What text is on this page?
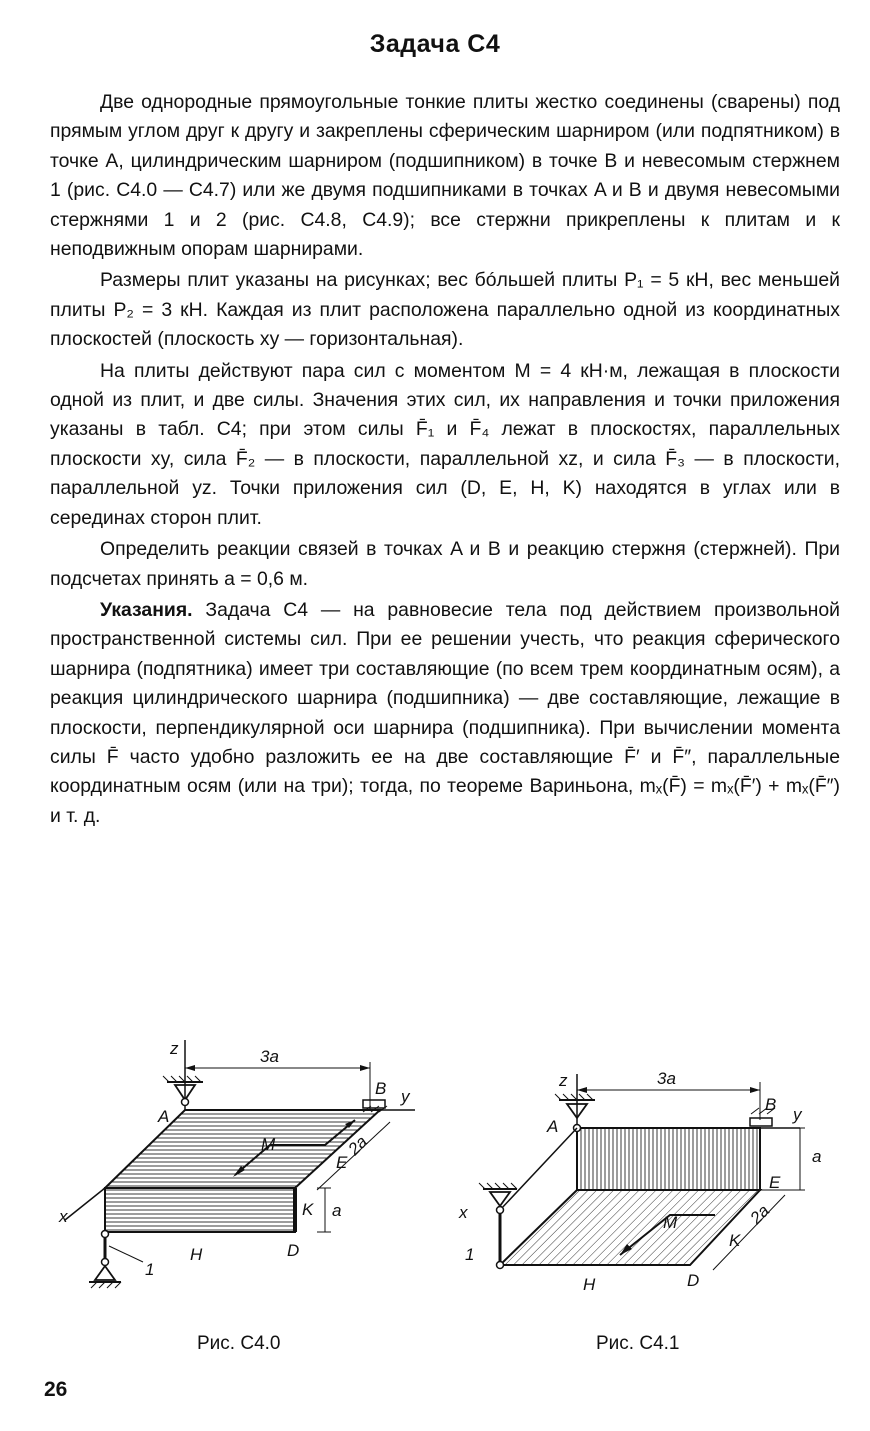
Задача С4

Две однородные прямоугольные тонкие плиты жестко соединены (сварены) под прямым углом друг к другу и закреплены сферическим шарниром (или подпятником) в точке A, цилиндрическим шарниром (подшипником) в точке B и невесомым стержнем 1 (рис. С4.0 — С4.7) или же двумя подшипниками в точках A и B и двумя невесомыми стержнями 1 и 2 (рис. С4.8, С4.9); все стержни прикреплены к плитам и к неподвижным опорам шарнирами.

Размеры плит указаны на рисунках; вес бóльшей плиты P₁ = 5 кН, вес меньшей плиты P₂ = 3 кН. Каждая из плит расположена параллельно одной из координатных плоскостей (плоскость xy — горизонтальная).

На плиты действуют пара сил с моментом M = 4 кН·м, лежащая в плоскости одной из плит, и две силы. Значения этих сил, их направления и точки приложения указаны в табл. С4; при этом силы F̄₁ и F̄₄ лежат в плоскостях, параллельных плоскости xy, сила F̄₂ — в плоскости, параллельной xz, и сила F̄₃ — в плоскости, параллельной yz. Точки приложения сил (D, E, H, K) находятся в углах или в серединах сторон плит.

Определить реакции связей в точках A и B и реакцию стержня (стержней). При подсчетах принять a = 0,6 м.

Указания. Задача С4 — на равновесие тела под действием произвольной пространственной системы сил. При ее решении учесть, что реакция сферического шарнира (подпятника) имеет три составляющие (по всем трем координатным осям), а реакция цилиндрического шарнира (подшипника) — две составляющие, лежащие в плоскости, перпендикулярной оси шарнира (подшипника). При вычислении момента силы F̄ часто удобно разложить ее на две составляющие F̄′ и F̄″, параллельные координатным осям (или на три); тогда, по теореме Вариньона, mₓ(F̄) = mₓ(F̄′) + mₓ(F̄″) и т. д.

z	3a
B y
A
M	2a
E
K a
x
H	D
1
Рис. С4.0
z	3a
B
y
A
a
E
M	2a
K
x
1
H	D
Рис. С4.1
26
